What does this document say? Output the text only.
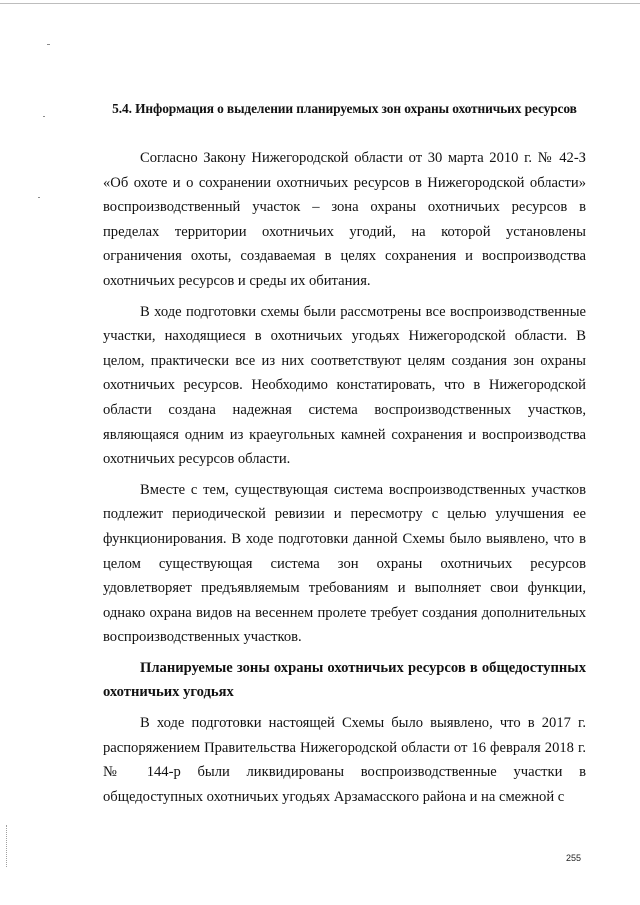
5.4. Информация о выделении планируемых зон охраны охотничьих ресурсов

Согласно Закону Нижегородской области от 30 марта 2010 г. № 42-З «Об охоте и о сохранении охотничьих ресурсов в Нижегородской области» воспроизводственный участок – зона охраны охотничьих ресурсов в пределах территории охотничьих угодий, на которой установлены ограничения охоты, создаваемая в целях сохранения и воспроизводства охотничьих ресурсов и среды их обитания.

В ходе подготовки схемы были рассмотрены все воспроизводственные участки, находящиеся в охотничьих угодьях Нижегородской области. В целом, практически все из них соответствуют целям создания зон охраны охотничьих ресурсов. Необходимо констатировать, что в Нижегородской области создана надежная система воспроизводственных участков, являющаяся одним из краеугольных камней сохранения и воспроизводства охотничьих ресурсов области.

Вместе с тем, существующая система воспроизводственных участков подлежит периодической ревизии и пересмотру с целью улучшения ее функционирования. В ходе подготовки данной Схемы было выявлено, что в целом существующая система зон охраны охотничьих ресурсов удовлетворяет предъявляемым требованиям и выполняет свои функции, однако охрана видов на весеннем пролете требует создания дополнительных воспроизводственных участков.

Планируемые зоны охраны охотничьих ресурсов в общедоступных охотничьих угодьях

В ходе подготовки настоящей Схемы было выявлено, что в 2017 г. распоряжением Правительства Нижегородской области от 16 февраля 2018 г. № 144-р были ликвидированы воспроизводственные участки в общедоступных охотничьих угодьях Арзамасского района и на смежной с

255
